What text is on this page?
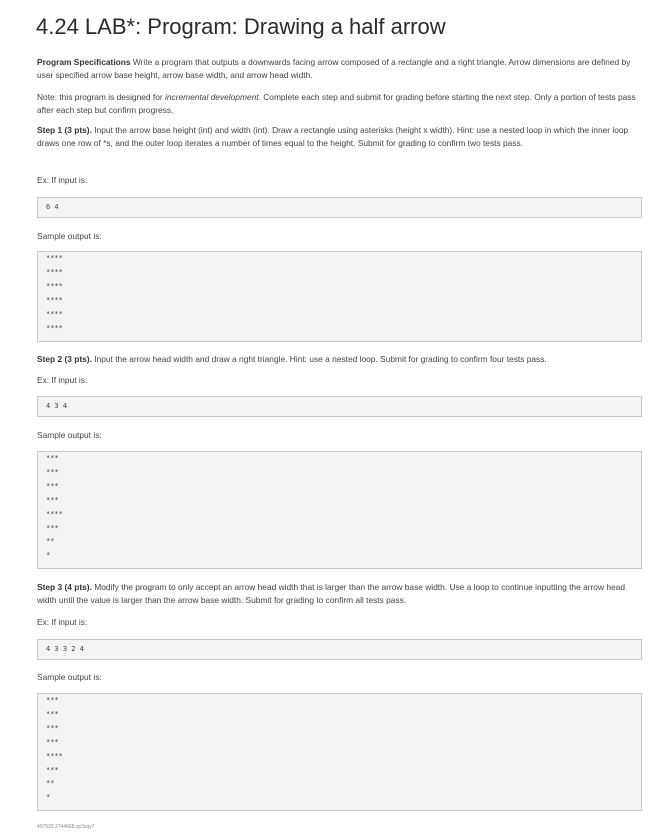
4.24 LAB*: Program: Drawing a half arrow

Program Specifications Write a program that outputs a downwards facing arrow composed of a rectangle and a right triangle. Arrow dimensions are defined by user specified arrow base height, arrow base width, and arrow head width.

Note: this program is designed for incremental development. Complete each step and submit for grading before starting the next step. Only a portion of tests pass after each step but confirm progress.

Step 1 (3 pts). Input the arrow base height (int) and width (int). Draw a rectangle using asterisks (height x width). Hint: use a nested loop in which the inner loop draws one row of *s, and the outer loop iterates a number of times equal to the height. Submit for grading to confirm two tests pass.

Ex: If input is:

6 4

Sample output is:

****
****
****
****
****
****

Step 2 (3 pts). Input the arrow head width and draw a right triangle. Hint: use a nested loop. Submit for grading to confirm four tests pass.

Ex: If input is:

4 3 4

Sample output is:

***
***
***
***
****
***
**
*

Step 3 (4 pts). Modify the program to only accept an arrow head width that is larger than the arrow base width. Use a loop to continue inputting the arrow head width until the value is larger than the arrow base width. Submit for grading to confirm all tests pass.

Ex: If input is:

4 3 3 2 4

Sample output is:

***
***
***
***
****
***
**
*

407522.2744668.qx3zqy7
